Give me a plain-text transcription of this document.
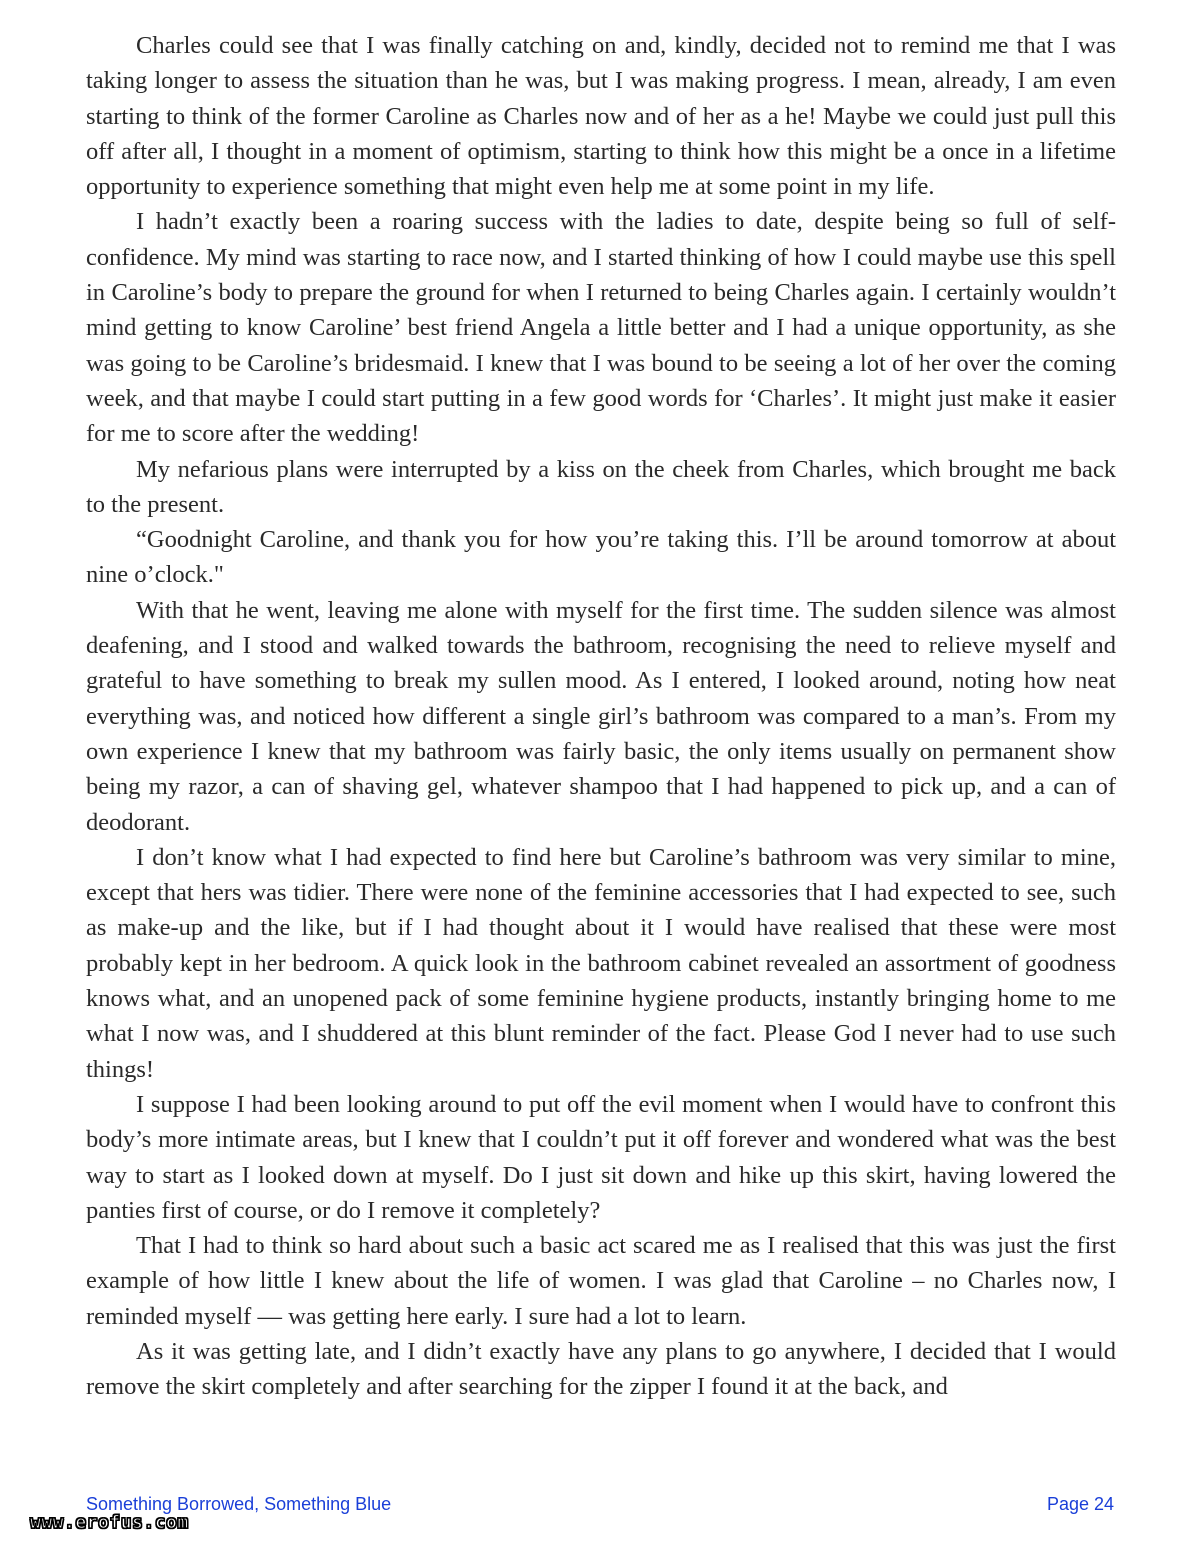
Charles could see that I was finally catching on and, kindly, decided not to remind me that I was taking longer to assess the situation than he was, but I was making progress. I mean, already, I am even starting to think of the former Caroline as Charles now and of her as a he! Maybe we could just pull this off after all, I thought in a moment of optimism, starting to think how this might be a once in a lifetime opportunity to experience something that might even help me at some point in my life.

I hadn’t exactly been a roaring success with the ladies to date, despite being so full of self-confidence. My mind was starting to race now, and I started thinking of how I could maybe use this spell in Caroline’s body to prepare the ground for when I returned to being Charles again. I certainly wouldn’t mind getting to know Caroline’ best friend Angela a little better and I had a unique opportunity, as she was going to be Caroline’s bridesmaid. I knew that I was bound to be seeing a lot of her over the coming week, and that maybe I could start putting in a few good words for ‘Charles’. It might just make it easier for me to score after the wedding!

My nefarious plans were interrupted by a kiss on the cheek from Charles, which brought me back to the present.

“Goodnight Caroline, and thank you for how you’re taking this. I’ll be around tomorrow at about nine o’clock."

With that he went, leaving me alone with myself for the first time. The sudden silence was almost deafening, and I stood and walked towards the bathroom, recognising the need to relieve myself and grateful to have something to break my sullen mood. As I entered, I looked around, noting how neat everything was, and noticed how different a single girl’s bathroom was compared to a man’s. From my own experience I knew that my bathroom was fairly basic, the only items usually on permanent show being my razor, a can of shaving gel, whatever shampoo that I had happened to pick up, and a can of deodorant.

I don’t know what I had expected to find here but Caroline’s bathroom was very similar to mine, except that hers was tidier. There were none of the feminine accessories that I had expected to see, such as make-up and the like, but if I had thought about it I would have realised that these were most probably kept in her bedroom. A quick look in the bathroom cabinet revealed an assortment of goodness knows what, and an unopened pack of some feminine hygiene products, instantly bringing home to me what I now was, and I shuddered at this blunt reminder of the fact. Please God I never had to use such things!

I suppose I had been looking around to put off the evil moment when I would have to confront this body’s more intimate areas, but I knew that I couldn’t put it off forever and wondered what was the best way to start as I looked down at myself. Do I just sit down and hike up this skirt, having lowered the panties first of course, or do I remove it completely?

That I had to think so hard about such a basic act scared me as I realised that this was just the first example of how little I knew about the life of women. I was glad that Caroline – no Charles now, I reminded myself — was getting here early. I sure had a lot to learn.

As it was getting late, and I didn’t exactly have any plans to go anywhere, I decided that I would remove the skirt completely and after searching for the zipper I found it at the back, and

Something Borrowed, Something Blue	Page 24
www.erofus.com
